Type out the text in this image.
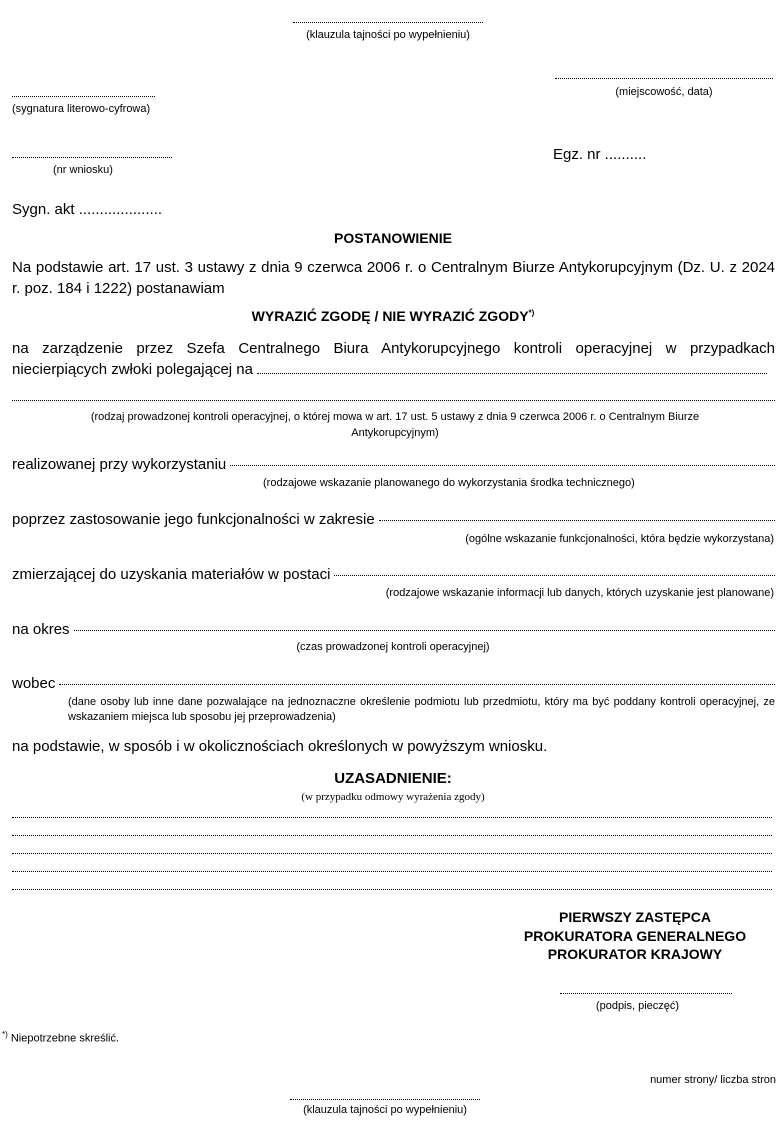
(klauzula tajności po wypełnieniu)
(miejscowość, data)
(sygnatura literowo-cyfrowa)
(nr wniosku)
Egz. nr ..........
Sygn. akt ....................
POSTANOWIENIE
Na podstawie art. 17 ust. 3 ustawy z dnia 9 czerwca 2006 r. o Centralnym Biurze Antykorupcyjnym (Dz. U. z 2024 r. poz. 184 i 1222) postanawiam
WYRAZIĆ ZGODĘ / NIE WYRAZIĆ ZGODY*)
na zarządzenie przez Szefa Centralnego Biura Antykorupcyjnego kontroli operacyjnej w przypadkach niecierpiących zwłoki polegającej na
(rodzaj prowadzonej kontroli operacyjnej, o której mowa w art. 17 ust. 5 ustawy z dnia 9 czerwca 2006 r. o Centralnym Biurze Antykorupcyjnym)
realizowanej przy wykorzystaniu
(rodzajowe wskazanie planowanego do wykorzystania środka technicznego)
poprzez zastosowanie jego funkcjonalności w zakresie
(ogólne wskazanie funkcjonalności, która będzie wykorzystana)
zmierzającej do uzyskania materiałów w postaci
(rodzajowe wskazanie informacji lub danych, których uzyskanie jest planowane)
na okres
(czas prowadzonej kontroli operacyjnej)
wobec
(dane osoby lub inne dane pozwalające na jednoznaczne określenie podmiotu lub przedmiotu, który ma być poddany kontroli operacyjnej, ze wskazaniem miejsca lub sposobu jej przeprowadzenia)
na podstawie, w sposób i w okolicznościach określonych w powyższym wniosku.
UZASADNIENIE:
(w przypadku odmowy wyrażenia zgody)
PIERWSZY ZASTĘPCA
PROKURATORA GENERALNEGO
PROKURATOR KRAJOWY
(podpis, pieczęć)
*) Niepotrzebne skreślić.
numer strony/ liczba stron
(klauzula tajności po wypełnieniu)
